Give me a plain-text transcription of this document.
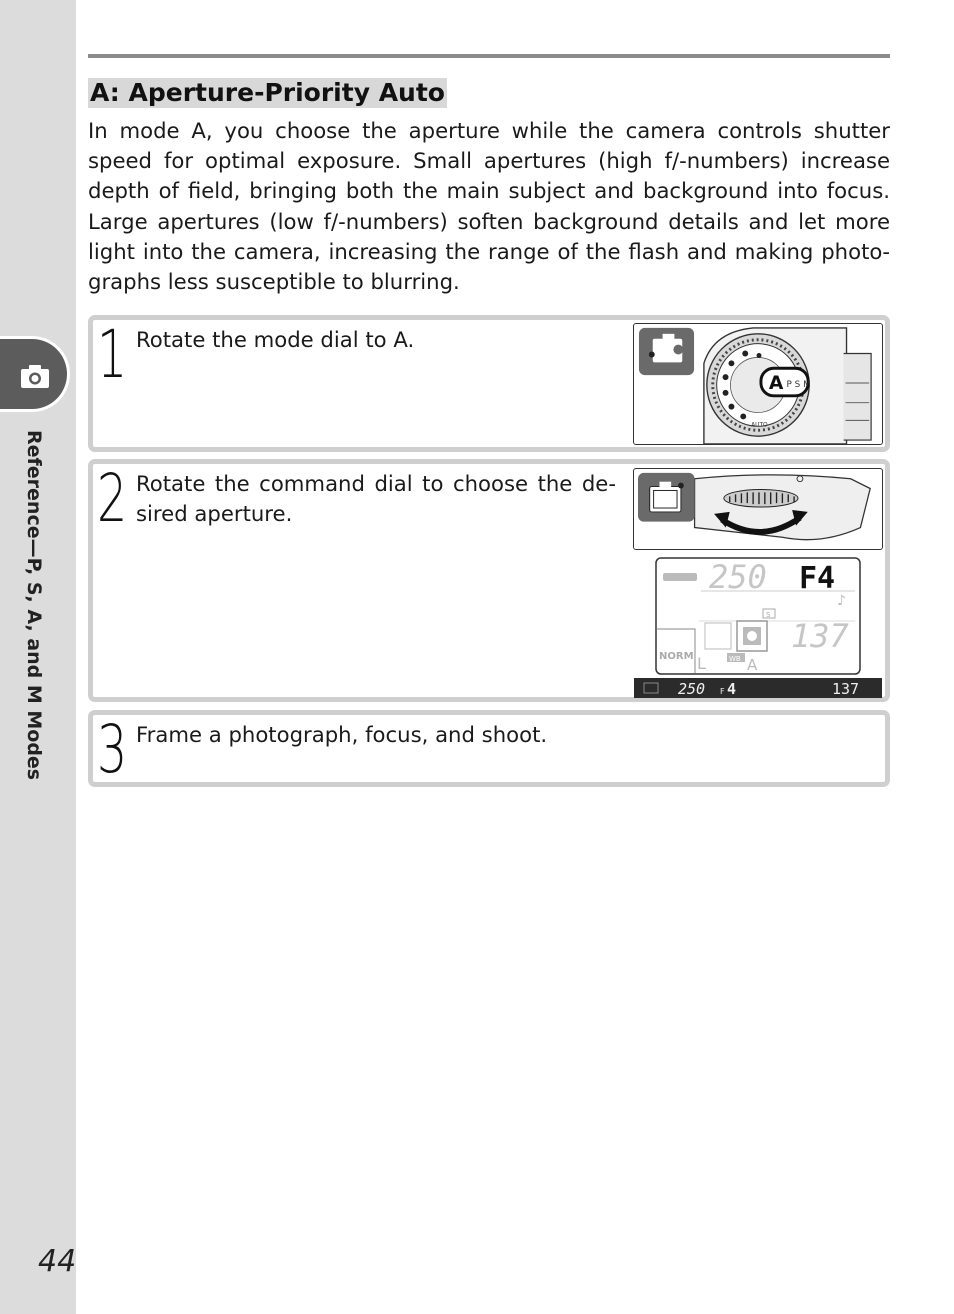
Reference—P, S, A, and M Modes
44
A: Aperture-Priority Auto
In mode A, you choose the aperture while the camera controls shutter speed for optimal exposure. Small apertures (high f/-numbers) increase depth of field, bringing both the main subject and background into focus. Large apertures (low f/-numbers) soften background details and let more light into the camera, increasing the range of the flash and making photographs less susceptible to blurring.
1 Rotate the mode dial to A.
A P S M
AUTO
2 Rotate the command dial to choose the desired aperture.
250 F4
♪
S
137
NORM L	WB A
250 F 4	137
3 Frame a photograph, focus, and shoot.
